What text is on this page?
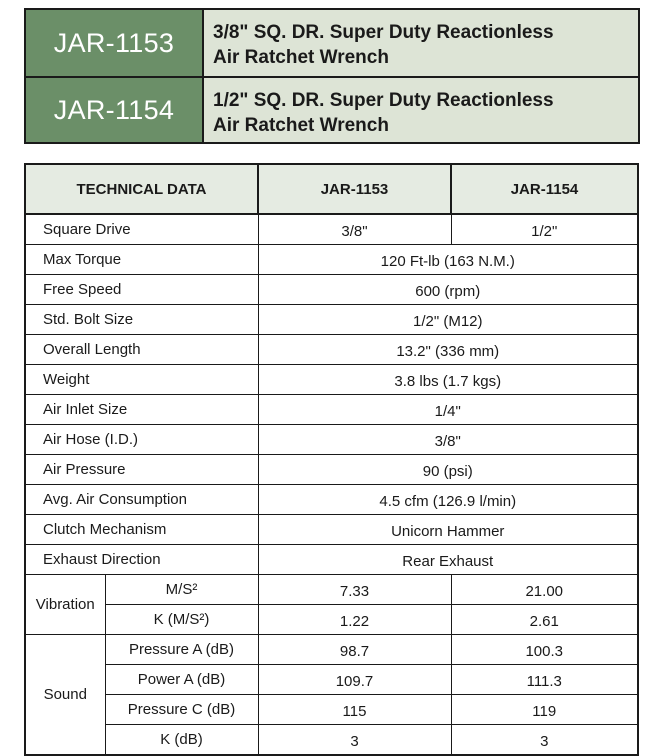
JAR-1153	3/8" SQ. DR. Super Duty Reactionless
Air Ratchet Wrench
JAR-1154	1/2" SQ. DR. Super Duty Reactionless
Air Ratchet Wrench
TECHNICAL DATA		JAR-1153	JAR-1154
Square Drive		3/8"	1/2"
Max Torque		120 Ft-lb (163 N.M.)	
Free Speed		600 (rpm)	
Std. Bolt Size		1/2" (M12)	
Overall Length		13.2" (336 mm)	
Weight		3.8 lbs (1.7 kgs)	
Air Inlet Size		1/4"	
Air Hose (I.D.)		3/8"	
Air Pressure		90 (psi)	
Avg. Air Consumption		4.5 cfm (126.9 l/min)	
Clutch Mechanism		Unicorn Hammer	
Exhaust Direction		Rear Exhaust	
Vibration	M/S²	7.33	21.00
	K (M/S²)	1.22	2.61
Sound	Pressure A (dB)	98.7	100.3
	Power A (dB)	109.7	111.3
	Pressure C (dB)	115	119
	K (dB)	3	3
